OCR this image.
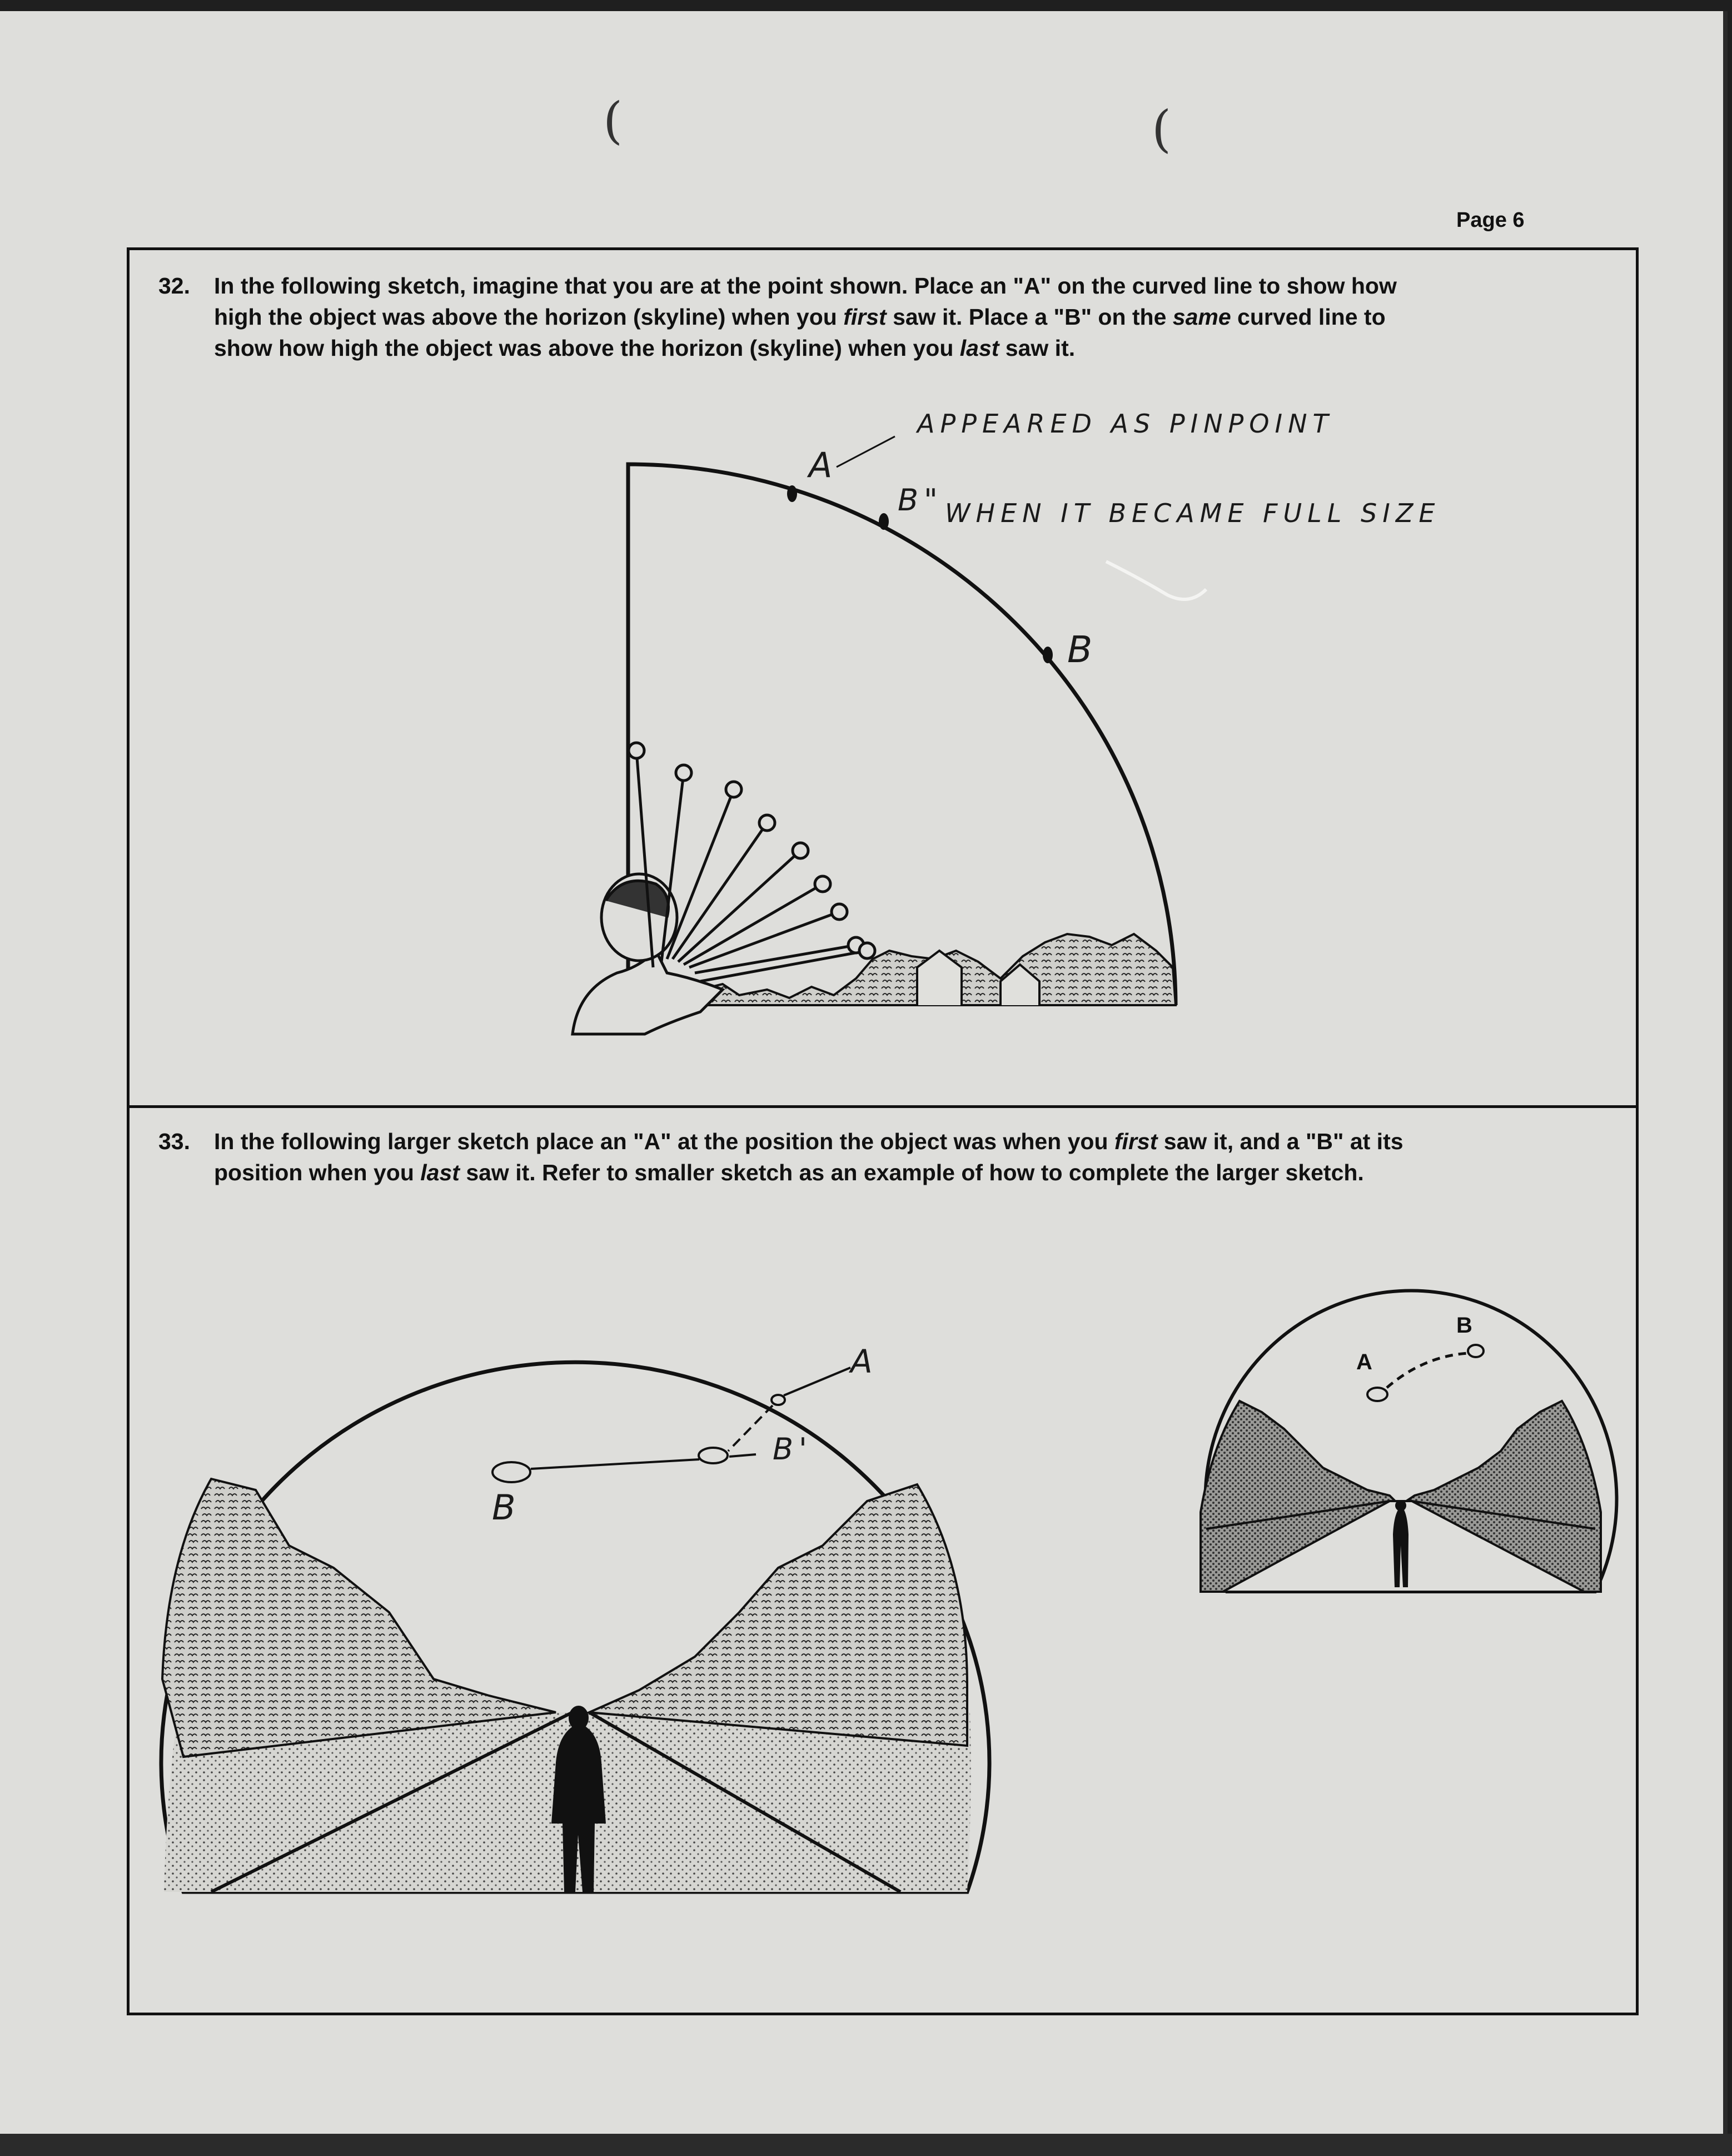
(	(
Page 6
32. In the following sketch, imagine that you are at the point shown. Place an "A" on the curved line to show how
high the object was above the horizon (skyline) when you first saw it. Place a "B" on the same curved line to
show how high the object was above the horizon (skyline) when you last saw it.
33. In the following larger sketch place an "A" at the position the object was when you first saw it, and a "B" at its
position when you last saw it. Refer to smaller sketch as an example of how to complete the larger sketch.
APPEARED AS PINPOINT
A
B" WHEN IT BECAME FULL SIZE
B
A
B'
B
A
B
